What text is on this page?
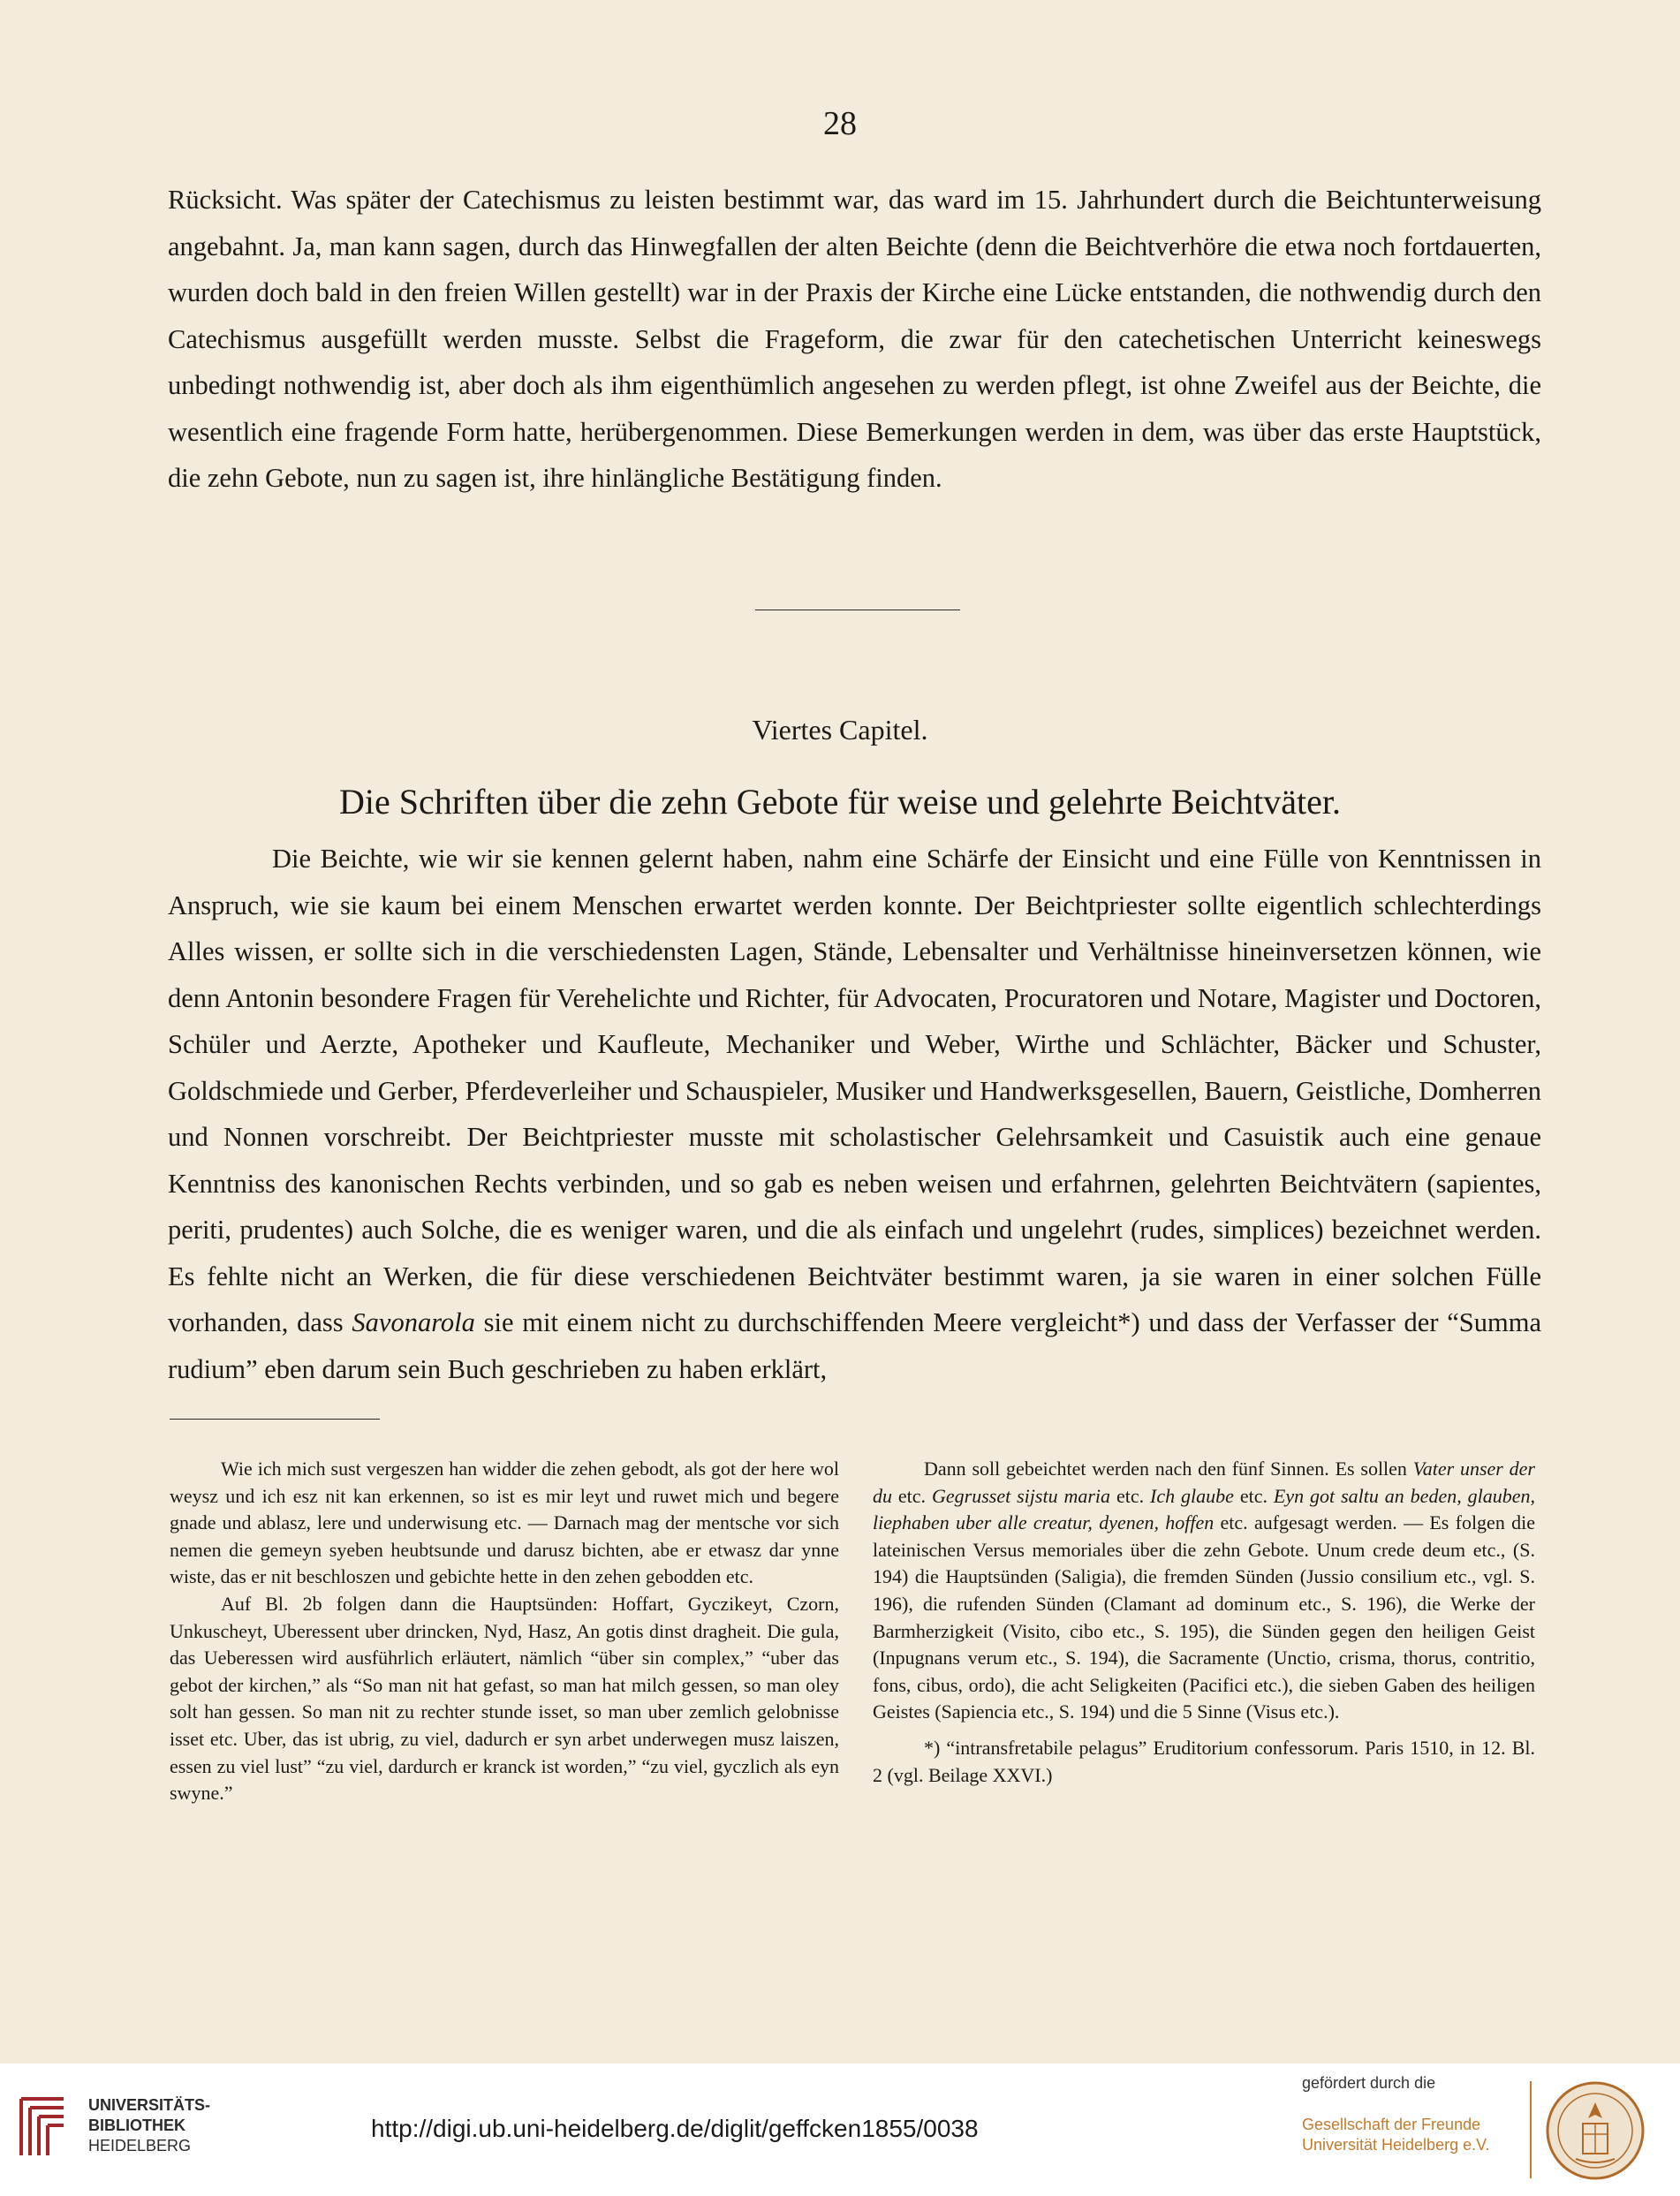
28

Rücksicht. Was später der Catechismus zu leisten bestimmt war, das ward im 15. Jahrhundert durch die Beichtunterweisung angebahnt. Ja, man kann sagen, durch das Hinwegfallen der alten Beichte (denn die Beichtverhöre die etwa noch fortdauerten, wurden doch bald in den freien Willen gestellt) war in der Praxis der Kirche eine Lücke entstanden, die nothwendig durch den Catechismus ausgefüllt werden musste. Selbst die Frageform, die zwar für den catechetischen Unterricht keineswegs unbedingt nothwendig ist, aber doch als ihm eigenthümlich angesehen zu werden pflegt, ist ohne Zweifel aus der Beichte, die wesentlich eine fragende Form hatte, herübergenommen. Diese Bemerkungen werden in dem, was über das erste Hauptstück, die zehn Gebote, nun zu sagen ist, ihre hinlängliche Bestätigung finden.

Viertes Capitel.
Die Schriften über die zehn Gebote für weise und gelehrte Beichtväter.

Die Beichte, wie wir sie kennen gelernt haben, nahm eine Schärfe der Einsicht und eine Fülle von Kenntnissen in Anspruch, wie sie kaum bei einem Menschen erwartet werden konnte. Der Beichtpriester sollte eigentlich schlechterdings Alles wissen, er sollte sich in die verschiedensten Lagen, Stände, Lebensalter und Verhältnisse hineinversetzen können, wie denn Antonin besondere Fragen für Verehelichte und Richter, für Advocaten, Procuratoren und Notare, Magister und Doctoren, Schüler und Aerzte, Apotheker und Kaufleute, Mechaniker und Weber, Wirthe und Schlächter, Bäcker und Schuster, Goldschmiede und Gerber, Pferdeverleiher und Schauspieler, Musiker und Handwerksgesellen, Bauern, Geistliche, Domherren und Nonnen vorschreibt. Der Beichtpriester musste mit scholastischer Gelehrsamkeit und Casuistik auch eine genaue Kenntniss des kanonischen Rechts verbinden, und so gab es neben weisen und erfahrnen, gelehrten Beichtvätern (sapientes, periti, prudentes) auch Solche, die es weniger waren, und die als einfach und ungelehrt (rudes, simplices) bezeichnet werden. Es fehlte nicht an Werken, die für diese verschiedenen Beichtväter bestimmt waren, ja sie waren in einer solchen Fülle vorhanden, dass Savonarola sie mit einem nicht zu durchschiffenden Meere vergleicht*) und dass der Verfasser der “Summa rudium” eben darum sein Buch geschrieben zu haben erklärt,

Wie ich mich sust vergeszen han widder die zehen gebodt, als got der here wol weysz und ich esz nit kan erkennen, so ist es mir leyt und ruwet mich und begere gnade und ablasz, lere und underwisung etc. — Darnach mag der mentsche vor sich nemen die gemeyn syeben heubtsunde und darusz bichten, abe er etwasz dar ynne wiste, das er nit beschloszen und gebichte hette in den zehen gebodden etc.

Auf Bl. 2b folgen dann die Hauptsünden: Hoffart, Gyczikeyt, Czorn, Unkuscheyt, Uberessent uber drincken, Nyd, Hasz, An gotis dinst dragheit. Die gula, das Ueberessen wird ausführlich erläutert, nämlich “über sin complex,” “uber das gebot der kirchen,” als “So man nit hat gefast, so man hat milch gessen, so man oley solt han gessen. So man nit zu rechter stunde isset, so man uber zemlich gelobnisse isset etc. Uber, das ist ubrig, zu viel, dadurch er syn arbet underwegen musz laiszen, essen zu viel lust” “zu viel, dardurch er kranck ist worden,” “zu viel, gyczlich als eyn swyne.”

Dann soll gebeichtet werden nach den fünf Sinnen. Es sollen Vater unser der du etc. Gegrusset sijstu maria etc. Ich glaube etc. Eyn got saltu an beden, glauben, liephaben uber alle creatur, dyenen, hoffen etc. aufgesagt werden. — Es folgen die lateinischen Versus memoriales über die zehn Gebote. Unum crede deum etc., (S. 194) die Hauptsünden (Saligia), die fremden Sünden (Jussio consilium etc., vgl. S. 196), die rufenden Sünden (Clamant ad dominum etc., S. 196), die Werke der Barmherzigkeit (Visito, cibo etc., S. 195), die Sünden gegen den heiligen Geist (Inpugnans verum etc., S. 194), die Sacramente (Unctio, crisma, thorus, contritio, fons, cibus, ordo), die acht Seligkeiten (Pacifici etc.), die sieben Gaben des heiligen Geistes (Sapiencia etc., S. 194) und die 5 Sinne (Visus etc.).

*) “intransfretabile pelagus” Eruditorium confessorum. Paris 1510, in 12. Bl. 2 (vgl. Beilage XXVI.)

UNIVERSITÄTS-
BIBLIOTHEK
HEIDELBERG
http://digi.ub.uni-heidelberg.de/diglit/geffcken1855/0038
gefördert durch die
Gesellschaft der Freunde
Universität Heidelberg e.V.
